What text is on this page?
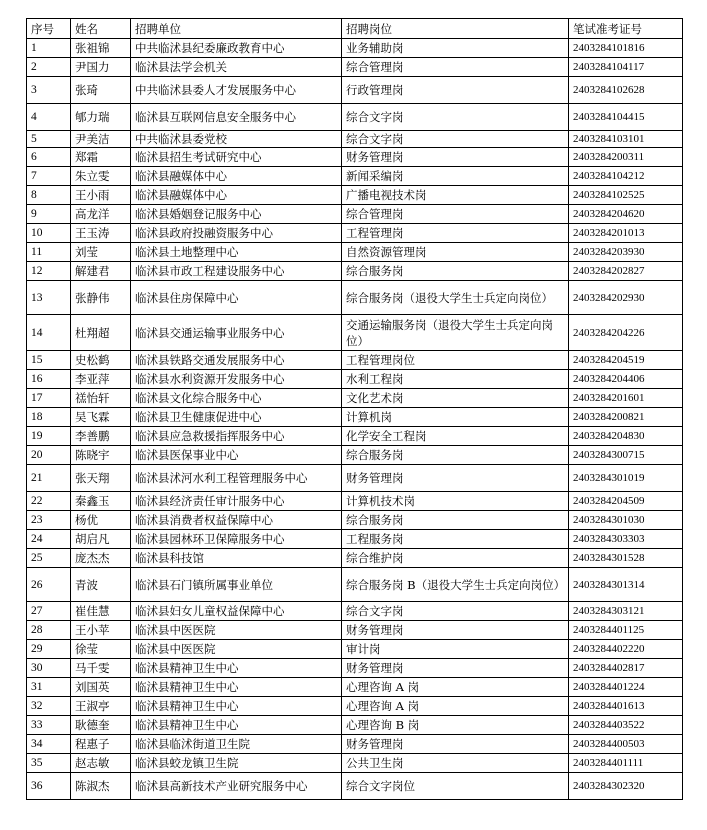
序号	姓名	招聘单位	招聘岗位	笔试准考证号
1	张祖锦	中共临沭县纪委廉政教育中心	业务辅助岗	2403284101816
2	尹国力	临沭县法学会机关	综合管理岗	2403284104117
3	张琦	中共临沭县委人才发展服务中心	行政管理岗	2403284102628
4	郇力瑞	临沭县互联网信息安全服务中心	综合文字岗	2403284104415
5	尹美洁	中共临沭县委党校	综合文字岗	2403284103101
6	郑霜	临沭县招生考试研究中心	财务管理岗	2403284200311
7	朱立雯	临沭县融媒体中心	新闻采编岗	2403284104212
8	王小雨	临沭县融媒体中心	广播电视技术岗	2403284102525
9	高龙洋	临沭县婚姻登记服务中心	综合管理岗	2403284204620
10	王玉涛	临沭县政府投融资服务中心	工程管理岗	2403284201013
11	刘莹	临沭县土地整理中心	自然资源管理岗	2403284203930
12	解建君	临沭县市政工程建设服务中心	综合服务岗	2403284202827
13	张静伟	临沭县住房保障中心	综合服务岗（退役大学生士兵定向岗位）	2403284202930
14	杜翔超	临沭县交通运输事业服务中心	交通运输服务岗（退役大学生士兵定向岗位）	2403284204226
15	史松鹤	临沭县铁路交通发展服务中心	工程管理岗位	2403284204519
16	李亚萍	临沭县水利资源开发服务中心	水利工程岗	2403284204406
17	禚怡轩	临沭县文化综合服务中心	文化艺术岗	2403284201601
18	吴飞霖	临沭县卫生健康促进中心	计算机岗	2403284200821
19	李善鹏	临沭县应急救援指挥服务中心	化学安全工程岗	2403284204830
20	陈晓宇	临沭县医保事业中心	综合服务岗	2403284300715
21	张天翔	临沭县沭河水利工程管理服务中心	财务管理岗	2403284301019
22	秦鑫玉	临沭县经济责任审计服务中心	计算机技术岗	2403284204509
23	杨优	临沭县消费者权益保障中心	综合服务岗	2403284301030
24	胡启凡	临沭县园林环卫保障服务中心	工程服务岗	2403284303303
25	庞杰杰	临沭县科技馆	综合维护岗	2403284301528
26	青波	临沭县石门镇所属事业单位	综合服务岗 B（退役大学生士兵定向岗位）	2403284301314
27	崔佳慧	临沭县妇女儿童权益保障中心	综合文字岗	2403284303121
28	王小苹	临沭县中医医院	财务管理岗	2403284401125
29	徐莹	临沭县中医医院	审计岗	2403284402220
30	马千雯	临沭县精神卫生中心	财务管理岗	2403284402817
31	刘国英	临沭县精神卫生中心	心理咨询 A 岗	2403284401224
32	王淑亭	临沭县精神卫生中心	心理咨询 A 岗	2403284401613
33	耿德奎	临沭县精神卫生中心	心理咨询 B 岗	2403284403522
34	程惠子	临沭县临沭街道卫生院	财务管理岗	2403284400503
35	赵志敏	临沭县蛟龙镇卫生院	公共卫生岗	2403284401111
36	陈淑杰	临沭县高新技术产业研究服务中心	综合文字岗位	2403284302320
